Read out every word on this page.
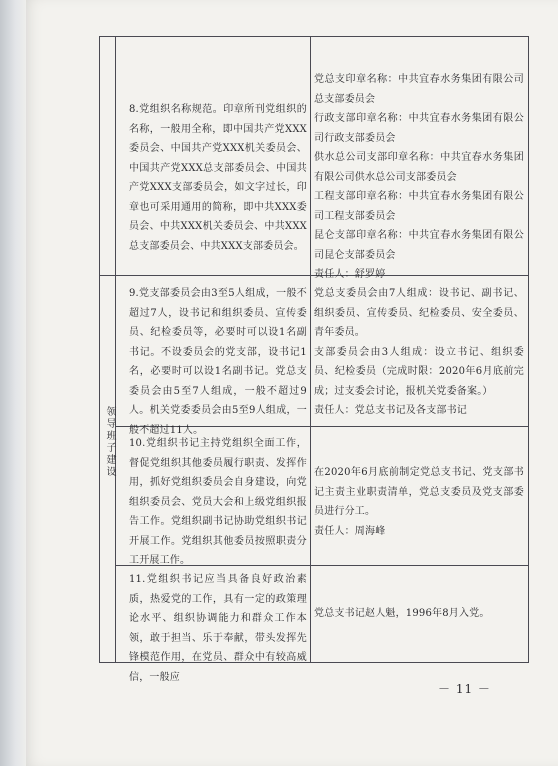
领导班子建设
8.党组织名称规范。印章所刊党组织的名称，一般用全称，即中国共产党XXX委员会、中国共产党XXX机关委员会、中国共产党XXX总支部委员会、中国共产党XXX支部委员会，如文字过长，印章也可采用通用的简称，即中共XXX委员会、中共XXX机关委员会、中共XXX总支部委员会、中共XXX支部委员会。
党总支印章名称：中共宜春水务集团有限公司总支部委员会
行政支部印章名称：中共宜春水务集团有限公司行政支部委员会
供水总公司支部印章名称：中共宜春水务集团有限公司供水总公司支部委员会
工程支部印章名称：中共宜春水务集团有限公司工程支部委员会
昆仑支部印章名称：中共宜春水务集团有限公司昆仑支部委员会
责任人：舒罗婷
9.党支部委员会由3至5人组成，一般不超过7人，设书记和组织委员、宣传委员、纪检委员等，必要时可以设1名副书记。不设委员会的党支部，设书记1名，必要时可以设1名副书记。党总支委员会由5至7人组成，一般不超过9人。机关党委委员会由5至9人组成，一般不超过11人。
党总支委员会由7人组成：设书记、副书记、组织委员、宣传委员、纪检委员、安全委员、青年委员。
支部委员会由3人组成：设立书记、组织委员、纪检委员（完成时限：2020年6月底前完成；过支委会讨论，报机关党委备案。）
责任人：党总支书记及各支部书记
10.党组织书记主持党组织全面工作，督促党组织其他委员履行职责、发挥作用，抓好党组织委员会自身建设，向党组织委员会、党员大会和上级党组织报告工作。党组织副书记协助党组织书记开展工作。党组织其他委员按照职责分工开展工作。
在2020年6月底前制定党总支书记、党支部书记主责主业职责清单，党总支委员及党支部委员进行分工。
责任人：周海峰
11.党组织书记应当具备良好政治素质，热爱党的工作，具有一定的政策理论水平、组织协调能力和群众工作本领，敢于担当、乐于奉献，带头发挥先锋模范作用，在党员、群众中有较高威信，一般应
党总支书记赵人魁，1996年8月入党。
－ 11 －
